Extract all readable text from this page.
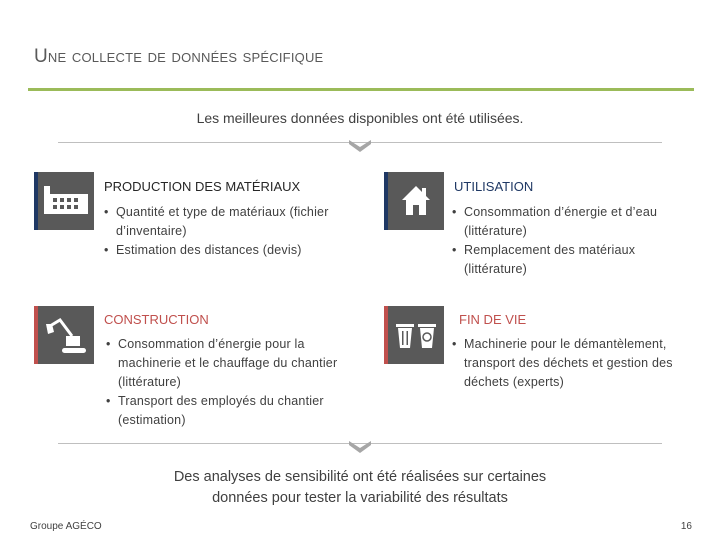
Une collecte de données spécifique
Les meilleures données disponibles ont été utilisées.
PRODUCTION DES MATÉRIAUX
• Quantité et type de matériaux (fichier d’inventaire)
• Estimation des distances (devis)
UTILISATION
• Consommation d’énergie et d’eau (littérature)
• Remplacement des matériaux (littérature)
CONSTRUCTION
• Consommation d’énergie pour la machinerie et le chauffage du chantier (littérature)
• Transport des employés du chantier (estimation)
FIN DE VIE
• Machinerie pour le démantèlement, transport des déchets et gestion des déchets (experts)
Des analyses de sensibilité ont été réalisées sur certaines
données pour tester la variabilité des résultats
Groupe AGÉCO	16
